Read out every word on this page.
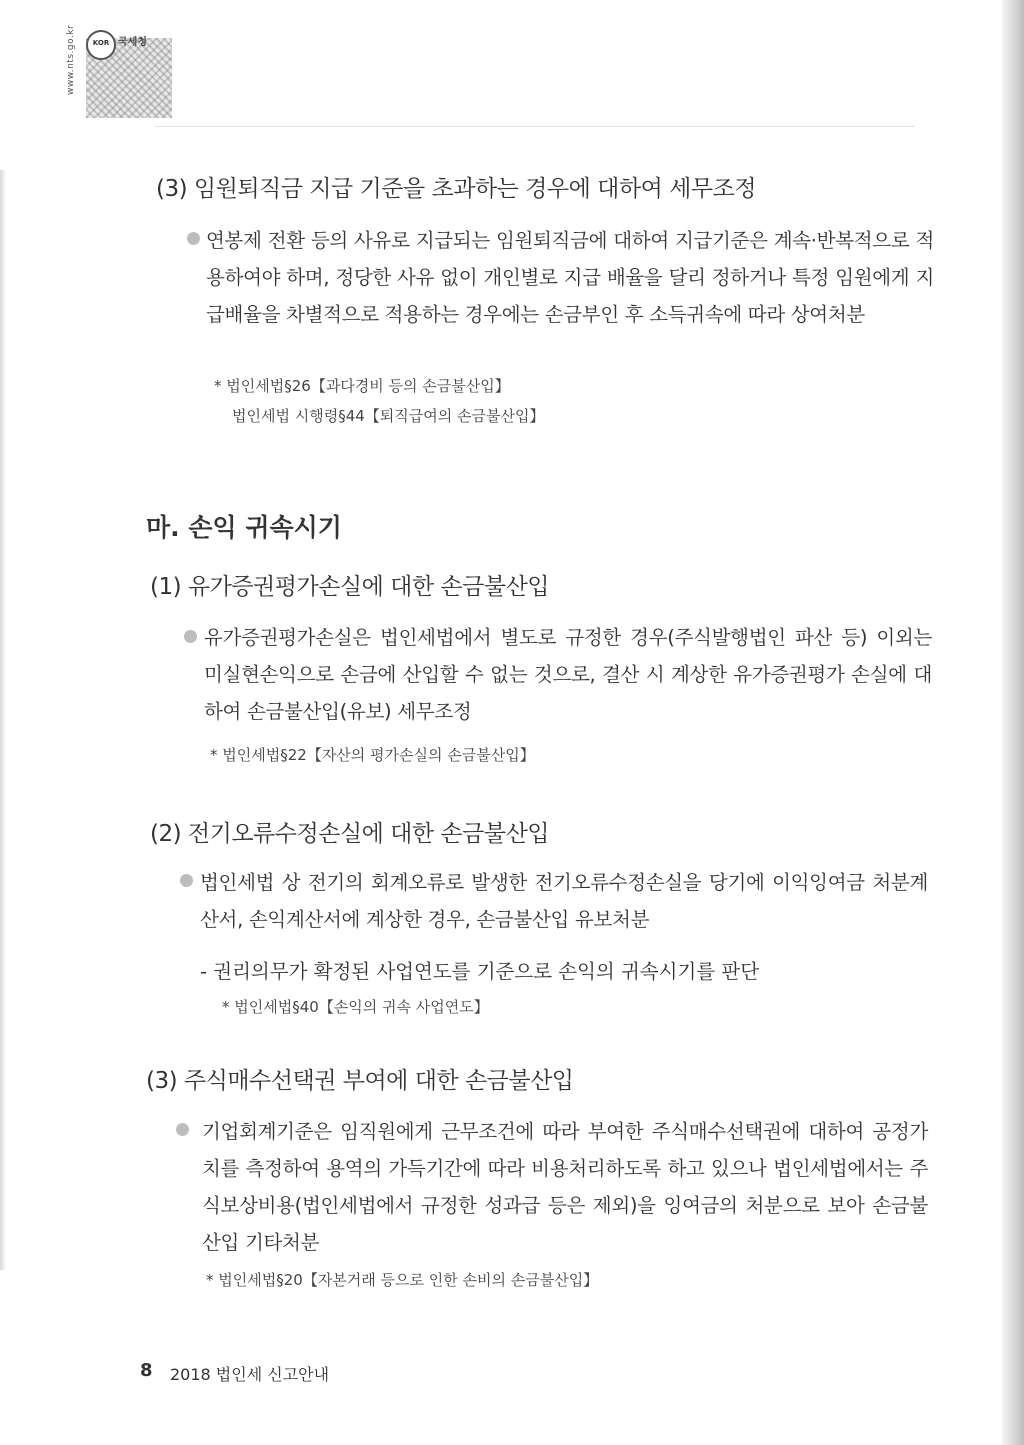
www.nts.go.kr	KOR 국세청
(3) 임원퇴직금 지급 기준을 초과하는 경우에 대하여 세무조정
연봉제 전환 등의 사유로 지급되는 임원퇴직금에 대하여 지급기준은 계속·반복적으로 적용하여야 하며, 정당한 사유 없이 개인별로 지급 배율을 달리 정하거나 특정 임원에게 지급배율을 차별적으로 적용하는 경우에는 손금부인 후 소득귀속에 따라 상여처분
* 법인세법§26【과다경비 등의 손금불산입】
법인세법 시행령§44【퇴직급여의 손금불산입】
마. 손익 귀속시기
(1) 유가증권평가손실에 대한 손금불산입
유가증권평가손실은 법인세법에서 별도로 규정한 경우(주식발행법인 파산 등) 이외는 미실현손익으로 손금에 산입할 수 없는 것으로, 결산 시 계상한 유가증권평가 손실에 대하여 손금불산입(유보) 세무조정
* 법인세법§22【자산의 평가손실의 손금불산입】
(2) 전기오류수정손실에 대한 손금불산입
법인세법 상 전기의 회계오류로 발생한 전기오류수정손실을 당기에 이익잉여금 처분계산서, 손익계산서에 계상한 경우, 손금불산입 유보처분
- 권리의무가 확정된 사업연도를 기준으로 손익의 귀속시기를 판단
* 법인세법§40【손익의 귀속 사업연도】
(3) 주식매수선택권 부여에 대한 손금불산입
기업회계기준은 임직원에게 근무조건에 따라 부여한 주식매수선택권에 대하여 공정가치를 측정하여 용역의 가득기간에 따라 비용처리하도록 하고 있으나 법인세법에서는 주식보상비용(법인세법에서 규정한 성과급 등은 제외)을 잉여금의 처분으로 보아 손금불산입 기타처분
* 법인세법§20【자본거래 등으로 인한 손비의 손금불산입】
8 2018 법인세 신고안내
